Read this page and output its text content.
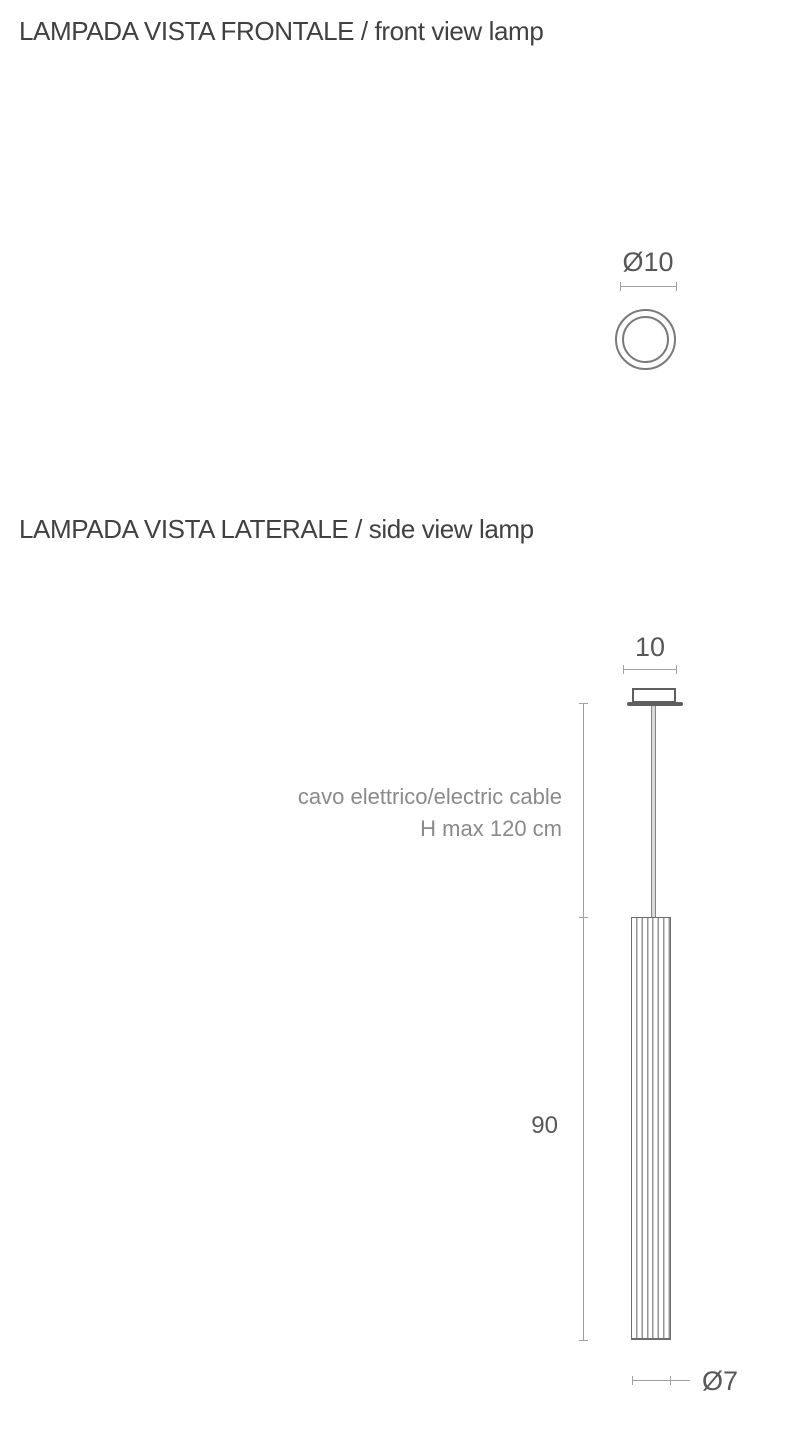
LAMPADA VISTA FRONTALE / front view lamp
Ø10
LAMPADA VISTA LATERALE / side view lamp
10
cavo elettrico/electric cable
H max 120 cm
90
Ø7
